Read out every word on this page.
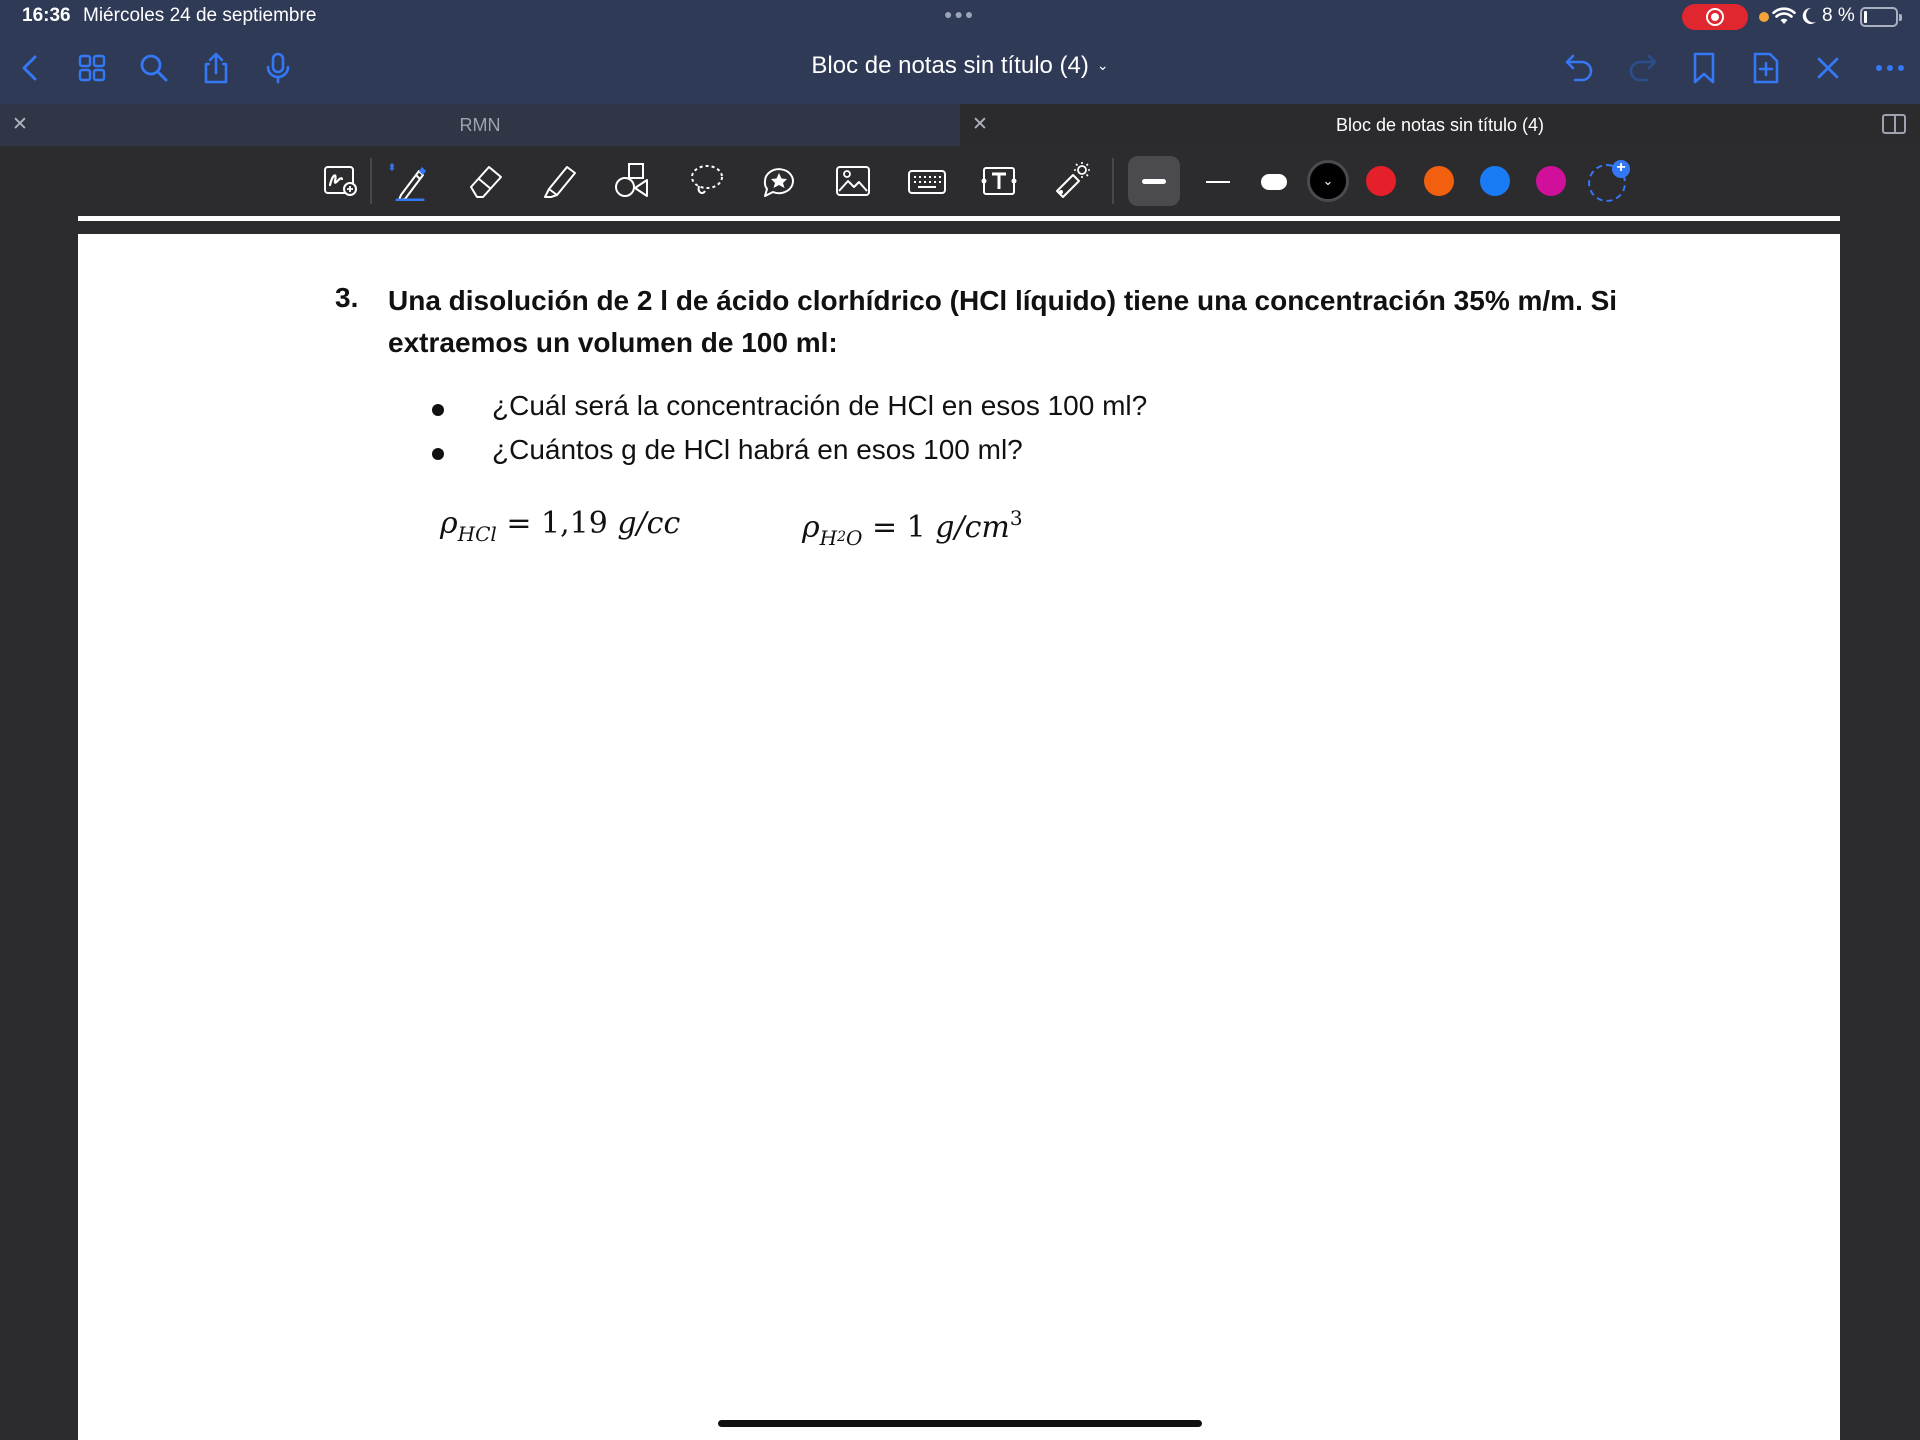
16:36 Miércoles 24 de septiembre	●●●	8 %
Bloc de notas sin título (4) ⌄
✕	RMN	✕	Bloc de notas sin título (4)
⌄
+
3. Una disolución de 2 l de ácido clorhídrico (HCl líquido) tiene una concentración 35% m/m. Si extraemos un volumen de 100 ml:
¿Cuál será la concentración de HCl en esos 100 ml?
¿Cuántos g de HCl habrá en esos 100 ml?
$\rho_{HCl} = 1,19$ g/cc	$\rho_H2_O = 1$ $g/cm^3$
